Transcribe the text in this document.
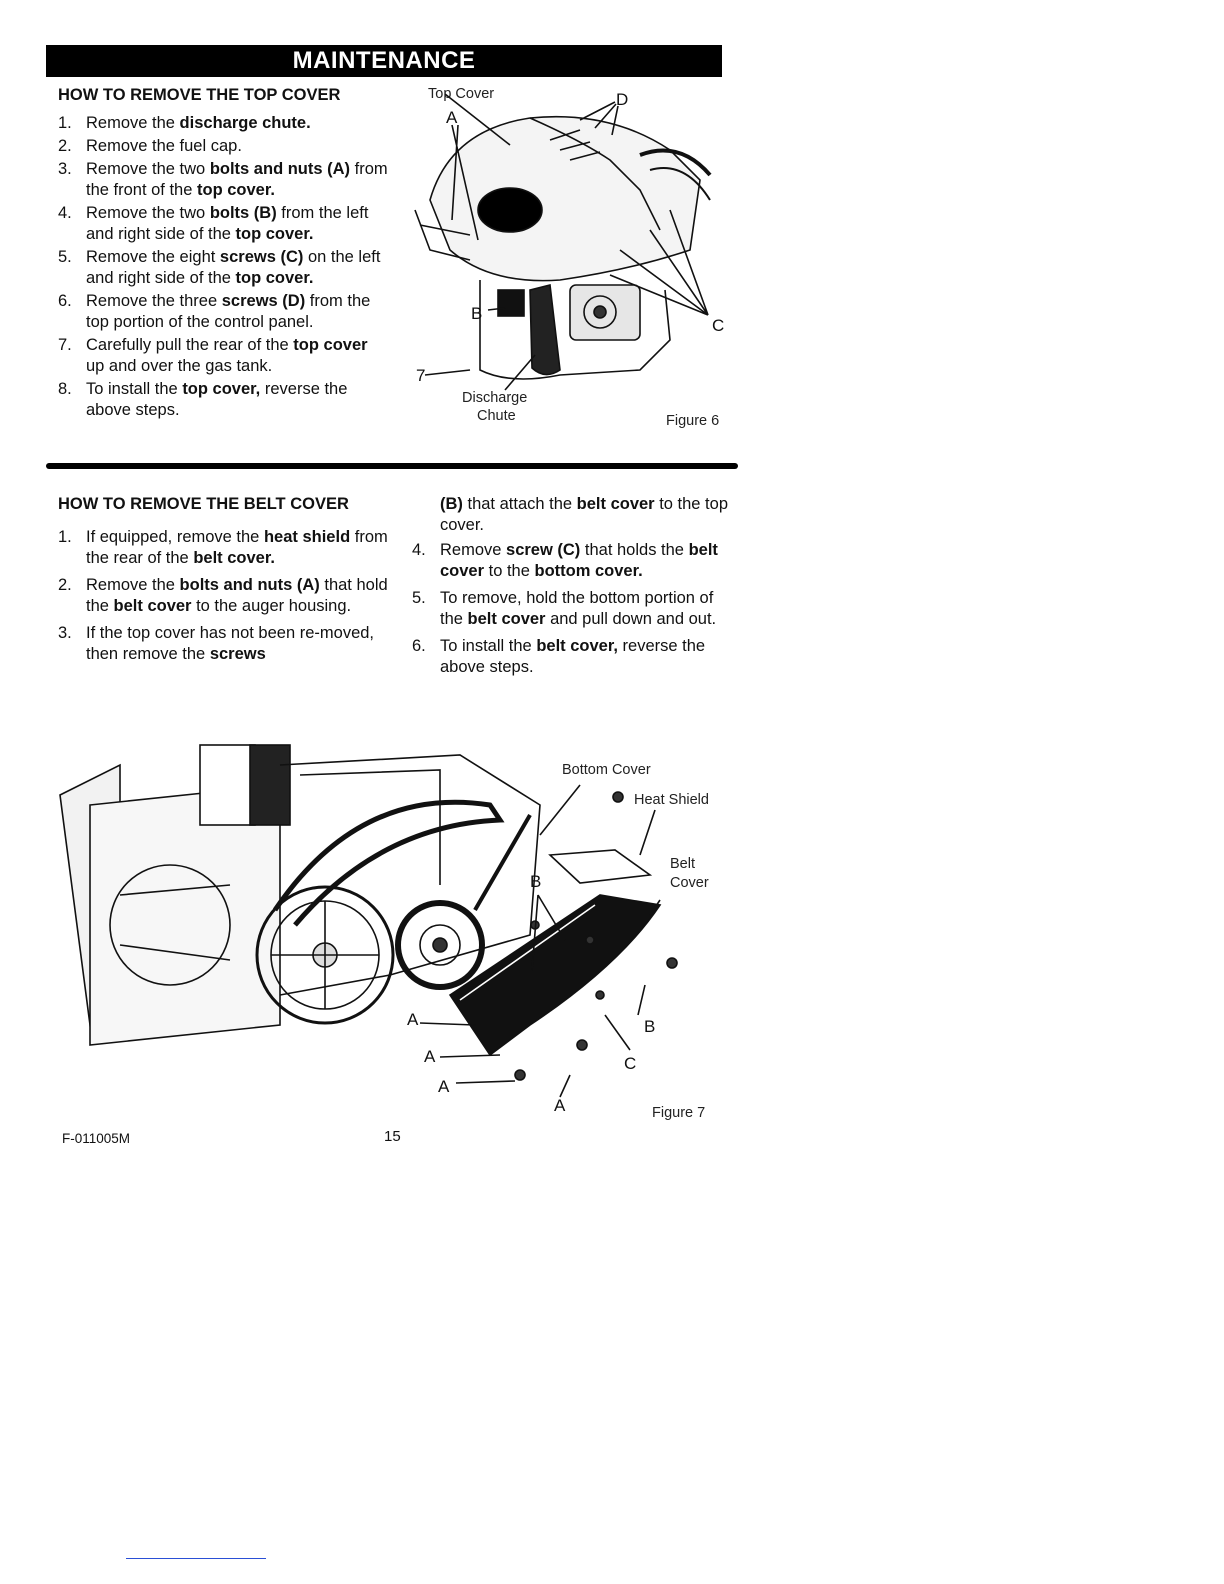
MAINTENANCE
HOW TO REMOVE THE TOP COVER
1. Remove the discharge chute.
2. Remove the fuel cap.
3. Remove the two bolts and nuts (A) from the front of the top cover.
4. Remove the two bolts (B) from the left and right side of the top cover.
5. Remove the eight screws (C) on the left and right side of the top cover.
6. Remove the three screws (D) from the top portion of the control panel.
7. Carefully pull the rear of the top cover up and over the gas tank.
8. To install the top cover, reverse the above steps.
Top Cover	D
A
B
C
7
Discharge
Chute	Figure 6
HOW TO REMOVE THE BELT COVER
1. If equipped, remove the heat shield from the rear of the belt cover.
2. Remove the bolts and nuts (A) that hold the belt cover to the auger housing.
3. If the top cover has not been re-moved, then remove the screws
(B) that attach the belt cover to the top cover.
4. Remove screw (C) that holds the belt cover to the bottom cover.
5. To remove, hold the bottom portion of the belt cover and pull down and out.
6. To install the belt cover, reverse the above steps.
Bottom Cover
Heat Shield
Belt
Cover
B
B
C
A
A
A
A	Figure 7
F-011005M	15
